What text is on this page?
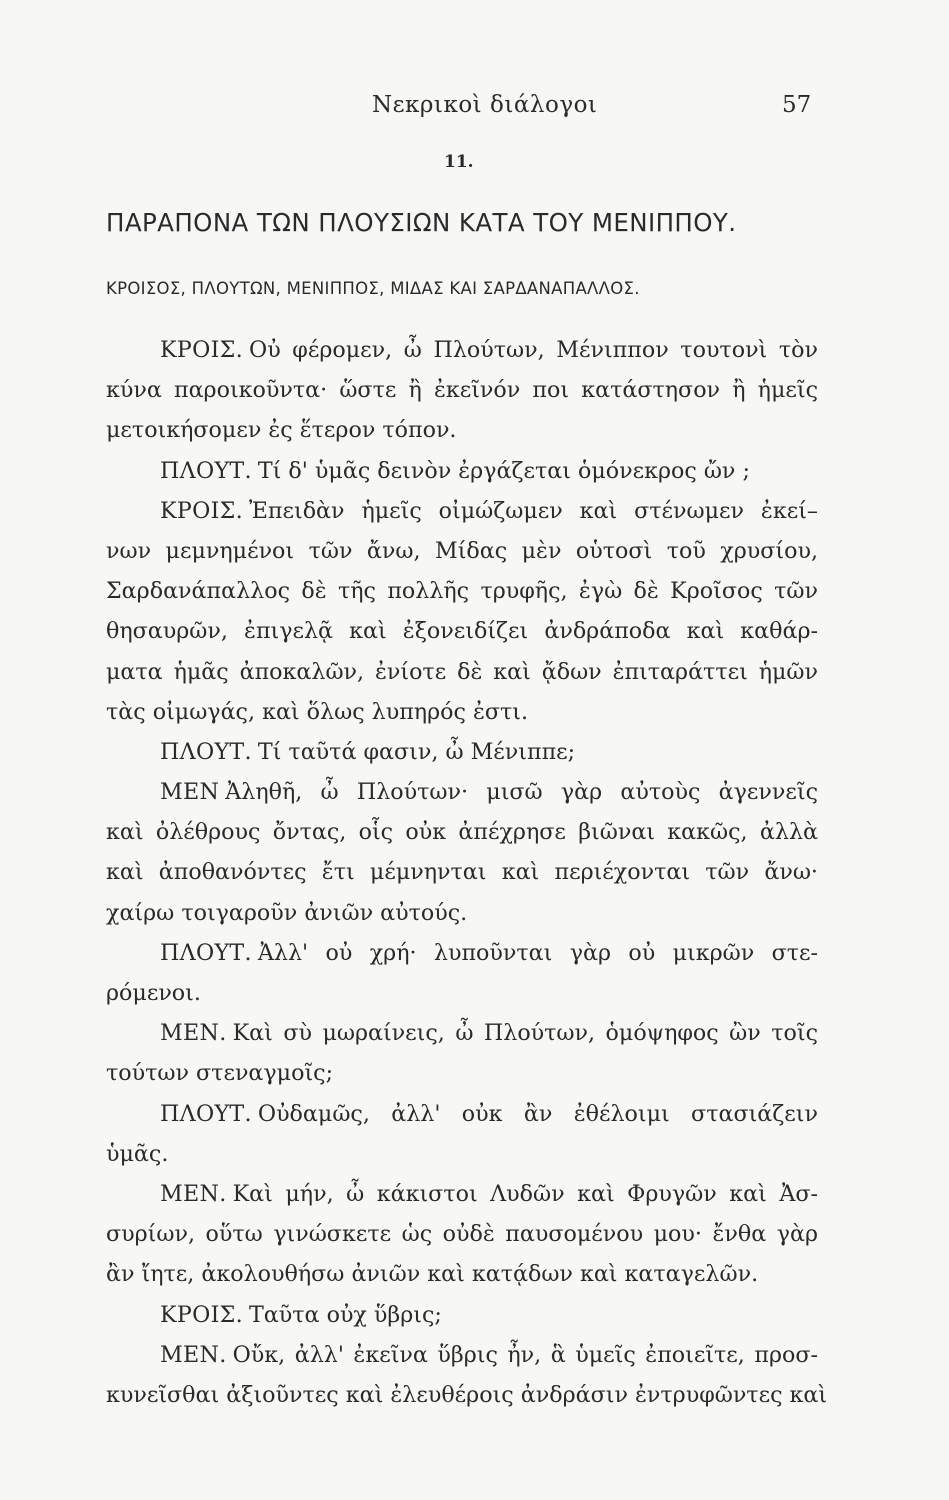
Νεκρικοὶ διάλογοι	57
11.
ΠΑΡΑΠΟΝΑ ΤΩΝ ΠΛΟΥΣΙΩΝ ΚΑΤΑ ΤΟΥ ΜΕΝΙΠΠΟΥ.
ΚΡΟΙΣΟΣ, ΠΛΟΥΤΩΝ, ΜΕΝΙΠΠΟΣ, ΜΙΔΑΣ ΚΑΙ ΣΑΡΔΑΝΑΠΑΛΛΟΣ.
ΚΡΟΙΣ. Οὐ φέρομεν, ὦ Πλούτων, Μένιππον τουτονὶ τὸν
κύνα παροικοῦντα· ὥστε ἢ ἐκεῖνόν ποι κατάστησον ἢ ἡμεῖς
μετοικήσομεν ἐς ἕτερον τόπον.
ΠΛΟΥΤ. Τί δ' ὑμᾶς δεινὸν ἐργάζεται ὁμόνεκρος ὤν ;
ΚΡΟΙΣ. Ἐπειδὰν ἡμεῖς οἰμώζωμεν καὶ στένωμεν ἐκεί–
νων μεμνημένοι τῶν ἄνω, Μίδας μὲν οὑτοσὶ τοῦ χρυσίου,
Σαρδανάπαλλος δὲ τῆς πολλῆς τρυφῆς, ἐγὼ δὲ Κροῖσος τῶν
θησαυρῶν, ἐπιγελᾷ καὶ ἐξονειδίζει ἀνδράποδα καὶ καθάρ-
ματα ἡμᾶς ἀποκαλῶν, ἐνίοτε δὲ καὶ ᾄδων ἐπιταράττει ἡμῶν
τὰς οἰμωγάς, καὶ ὅλως λυπηρός ἐστι.
ΠΛΟΥΤ. Τί ταῦτά φασιν, ὦ Μένιππε;
ΜΕΝ Ἀληθῆ, ὦ Πλούτων· μισῶ γὰρ αὐτοὺς ἀγεννεῖς
καὶ ὀλέθρους ὄντας, οἷς οὐκ ἀπέχρησε βιῶναι κακῶς, ἀλλὰ
καὶ ἀποθανόντες ἔτι μέμνηνται καὶ περιέχονται τῶν ἄνω·
χαίρω τοιγαροῦν ἀνιῶν αὐτούς.
ΠΛΟΥΤ. Ἀλλ' οὐ χρή· λυποῦνται γὰρ οὐ μικρῶν στε-
ρόμενοι.
ΜΕΝ. Καὶ σὺ μωραίνεις, ὦ Πλούτων, ὁμόψηφος ὢν τοῖς
τούτων στεναγμοῖς;
ΠΛΟΥΤ. Οὐδαμῶς, ἀλλ' οὐκ ἂν ἐθέλοιμι στασιάζειν
ὑμᾶς.
ΜΕΝ. Καὶ μήν, ὦ κάκιστοι Λυδῶν καὶ Φρυγῶν καὶ Ἀσ-
συρίων, οὕτω γινώσκετε ὡς οὐδὲ παυσομένου μου· ἔνθα γὰρ
ἂν ἴητε, ἀκολουθήσω ἀνιῶν καὶ κατᾴδων καὶ καταγελῶν.
ΚΡΟΙΣ. Ταῦτα οὐχ ὕβρις;
ΜΕΝ. Οὔκ, ἀλλ' ἐκεῖνα ὕβρις ἦν, ἃ ὑμεῖς ἐποιεῖτε, προσ-
κυνεῖσθαι ἀξιοῦντες καὶ ἐλευθέροις ἀνδράσιν ἐντρυφῶντες καὶ
